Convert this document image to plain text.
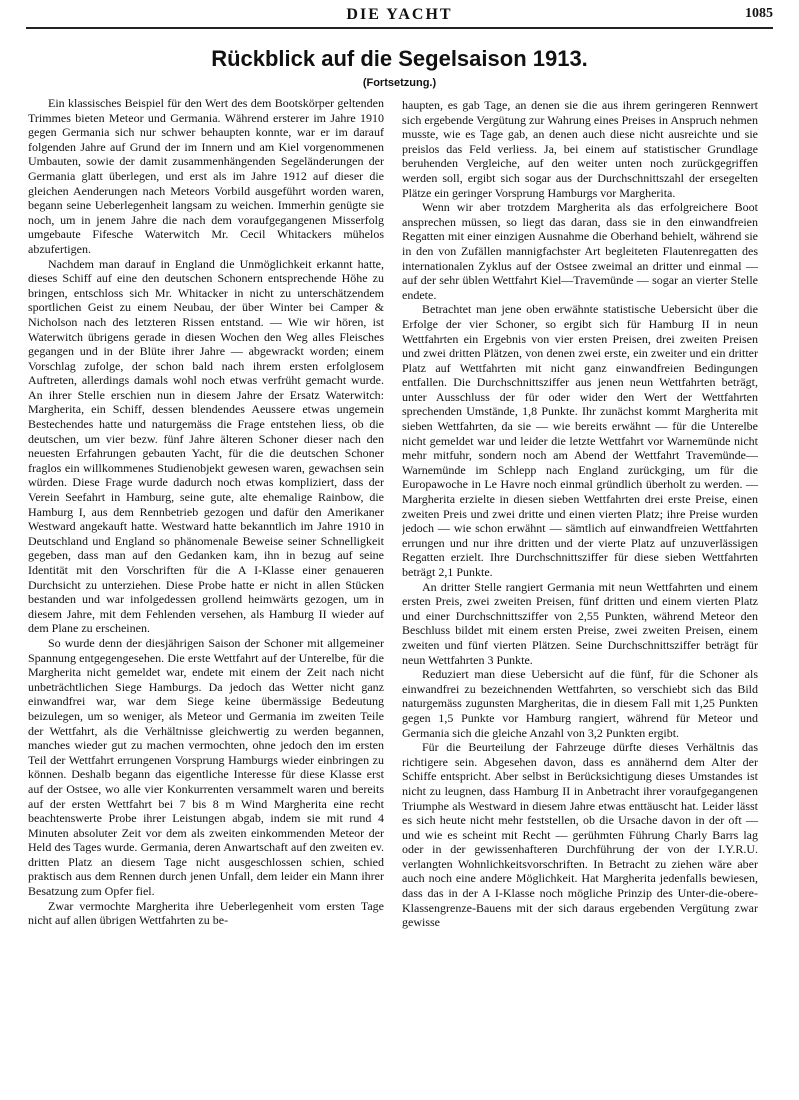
DIE YACHT	1085
Rückblick auf die Segelsaison 1913.
(Fortsetzung.)

Ein klassisches Beispiel für den Wert des dem Bootskörper geltenden Trimmes bieten Meteor und Germania. Während ersterer im Jahre 1910 gegen Germania sich nur schwer behaupten konnte, war er im darauf folgenden Jahre auf Grund der im Innern und am Kiel vorgenommenen Umbauten, sowie der damit zusammenhängenden Segeländerungen der Germania glatt überlegen, und erst als im Jahre 1912 auf dieser die gleichen Aenderungen nach Meteors Vorbild ausgeführt worden waren, begann seine Ueberlegenheit langsam zu weichen. Immerhin genügte sie noch, um in jenem Jahre die nach dem voraufgegangenen Misserfolg umgebaute Fifesche Waterwitch Mr. Cecil Whitackers mühelos abzufertigen.

Nachdem man darauf in England die Unmöglichkeit erkannt hatte, dieses Schiff auf eine den deutschen Schonern entsprechende Höhe zu bringen, entschloss sich Mr. Whitacker in nicht zu unterschätzendem sportlichen Geist zu einem Neubau, der über Winter bei Camper & Nicholson nach des letzteren Rissen entstand. — Wie wir hören, ist Waterwitch übrigens gerade in diesen Wochen den Weg alles Fleisches gegangen und in der Blüte ihrer Jahre — abgewrackt worden; einem Vorschlag zufolge, der schon bald nach ihrem ersten erfolglosem Auftreten, allerdings damals wohl noch etwas verfrüht gemacht wurde. An ihrer Stelle erschien nun in diesem Jahre der Ersatz Waterwitch: Margherita, ein Schiff, dessen blendendes Aeussere etwas ungemein Bestechendes hatte und naturgemäss die Frage entstehen liess, ob die deutschen, um vier bezw. fünf Jahre älteren Schoner dieser nach den neuesten Erfahrungen gebauten Yacht, für die die deutschen Schoner fraglos ein willkommenes Studienobjekt gewesen waren, gewachsen sein würden. Diese Frage wurde dadurch noch etwas kompliziert, dass der Verein Seefahrt in Hamburg, seine gute, alte ehemalige Rainbow, die Hamburg I, aus dem Rennbetrieb gezogen und dafür den Amerikaner Westward angekauft hatte. Westward hatte bekanntlich im Jahre 1910 in Deutschland und England so phänomenale Beweise seiner Schnelligkeit gegeben, dass man auf den Gedanken kam, ihn in bezug auf seine Identität mit den Vorschriften für die A I-Klasse einer genaueren Durchsicht zu unterziehen. Diese Probe hatte er nicht in allen Stücken bestanden und war infolgedessen grollend heimwärts gezogen, um in diesem Jahre, mit dem Fehlenden versehen, als Hamburg II wieder auf dem Plane zu erscheinen.

So wurde denn der diesjährigen Saison der Schoner mit allgemeiner Spannung entgegengesehen. Die erste Wettfahrt auf der Unterelbe, für die Margherita nicht gemeldet war, endete mit einem der Zeit nach nicht unbeträchtlichen Siege Hamburgs. Da jedoch das Wetter nicht ganz einwandfrei war, war dem Siege keine übermässige Bedeutung beizulegen, um so weniger, als Meteor und Germania im zweiten Teile der Wettfahrt, als die Verhältnisse gleichwertig zu werden begannen, manches wieder gut zu machen vermochten, ohne jedoch den im ersten Teil der Wettfahrt errungenen Vorsprung Hamburgs wieder einbringen zu können. Deshalb begann das eigentliche Interesse für diese Klasse erst auf der Ostsee, wo alle vier Konkurrenten versammelt waren und bereits auf der ersten Wettfahrt bei 7 bis 8 m Wind Margherita eine recht beachtenswerte Probe ihrer Leistungen abgab, indem sie mit rund 4 Minuten absoluter Zeit vor dem als zweiten einkommenden Meteor der Held des Tages wurde. Germania, deren Anwartschaft auf den zweiten ev. dritten Platz an diesem Tage nicht ausgeschlossen schien, schied praktisch aus dem Rennen durch jenen Unfall, dem leider ein Mann ihrer Besatzung zum Opfer fiel.

Zwar vermochte Margherita ihre Ueberlegenheit vom ersten Tage nicht auf allen übrigen Wettfahrten zu be-

haupten, es gab Tage, an denen sie die aus ihrem geringeren Rennwert sich ergebende Vergütung zur Wahrung eines Preises in Anspruch nehmen musste, wie es Tage gab, an denen auch diese nicht ausreichte und sie preislos das Feld verliess. Ja, bei einem auf statistischer Grundlage beruhenden Vergleiche, auf den weiter unten noch zurückgegriffen werden soll, ergibt sich sogar aus der Durchschnittszahl der ersegelten Plätze ein geringer Vorsprung Hamburgs vor Margherita.

Wenn wir aber trotzdem Margherita als das erfolgreichere Boot ansprechen müssen, so liegt das daran, dass sie in den einwandfreien Regatten mit einer einzigen Ausnahme die Oberhand behielt, während sie in den von Zufällen mannigfachster Art begleiteten Flautenregatten des internationalen Zyklus auf der Ostsee zweimal an dritter und einmal — auf der sehr üblen Wettfahrt Kiel—Travemünde — sogar an vierter Stelle endete.

Betrachtet man jene oben erwähnte statistische Uebersicht über die Erfolge der vier Schoner, so ergibt sich für Hamburg II in neun Wettfahrten ein Ergebnis von vier ersten Preisen, drei zweiten Preisen und zwei dritten Plätzen, von denen zwei erste, ein zweiter und ein dritter Platz auf Wettfahrten mit nicht ganz einwandfreien Bedingungen entfallen. Die Durchschnittsziffer aus jenen neun Wettfahrten beträgt, unter Ausschluss der für oder wider den Wert der Wettfahrten sprechenden Umstände, 1,8 Punkte. Ihr zunächst kommt Margherita mit sieben Wettfahrten, da sie — wie bereits erwähnt — für die Unterelbe nicht gemeldet war und leider die letzte Wettfahrt vor Warnemünde nicht mehr mitfuhr, sondern noch am Abend der Wettfahrt Travemünde—Warnemünde im Schlepp nach England zurückging, um für die Europawoche in Le Havre noch einmal gründlich überholt zu werden. — Margherita erzielte in diesen sieben Wettfahrten drei erste Preise, einen zweiten Preis und zwei dritte und einen vierten Platz; ihre Preise wurden jedoch — wie schon erwähnt — sämtlich auf einwandfreien Wettfahrten errungen und nur ihre dritten und der vierte Platz auf unzuverlässigen Regatten erzielt. Ihre Durchschnittsziffer für diese sieben Wettfahrten beträgt 2,1 Punkte.

An dritter Stelle rangiert Germania mit neun Wettfahrten und einem ersten Preis, zwei zweiten Preisen, fünf dritten und einem vierten Platz und einer Durchschnittsziffer von 2,55 Punkten, während Meteor den Beschluss bildet mit einem ersten Preise, zwei zweiten Preisen, einem zweiten und fünf vierten Plätzen. Seine Durchschnittsziffer beträgt für neun Wettfahrten 3 Punkte.

Reduziert man diese Uebersicht auf die fünf, für die Schoner als einwandfrei zu bezeichnenden Wettfahrten, so verschiebt sich das Bild naturgemäss zugunsten Margheritas, die in diesem Fall mit 1,25 Punkten gegen 1,5 Punkte vor Hamburg rangiert, während für Meteor und Germania sich die gleiche Anzahl von 3,2 Punkten ergibt.

Für die Beurteilung der Fahrzeuge dürfte dieses Verhältnis das richtigere sein. Abgesehen davon, dass es annähernd dem Alter der Schiffe entspricht. Aber selbst in Berücksichtigung dieses Umstandes ist nicht zu leugnen, dass Hamburg II in Anbetracht ihrer voraufgegangenen Triumphe als Westward in diesem Jahre etwas enttäuscht hat. Leider lässt es sich heute nicht mehr feststellen, ob die Ursache davon in der oft — und wie es scheint mit Recht — gerühmten Führung Charly Barrs lag oder in der gewissenhafteren Durchführung der von der I.Y.R.U. verlangten Wohnlichkeitsvorschriften. In Betracht zu ziehen wäre aber auch noch eine andere Möglichkeit. Hat Margherita jedenfalls bewiesen, dass das in der A I-Klasse noch mögliche Prinzip des Unter-die-obere-Klassengrenze-Bauens mit der sich daraus ergebenden Vergütung zwar gewisse
